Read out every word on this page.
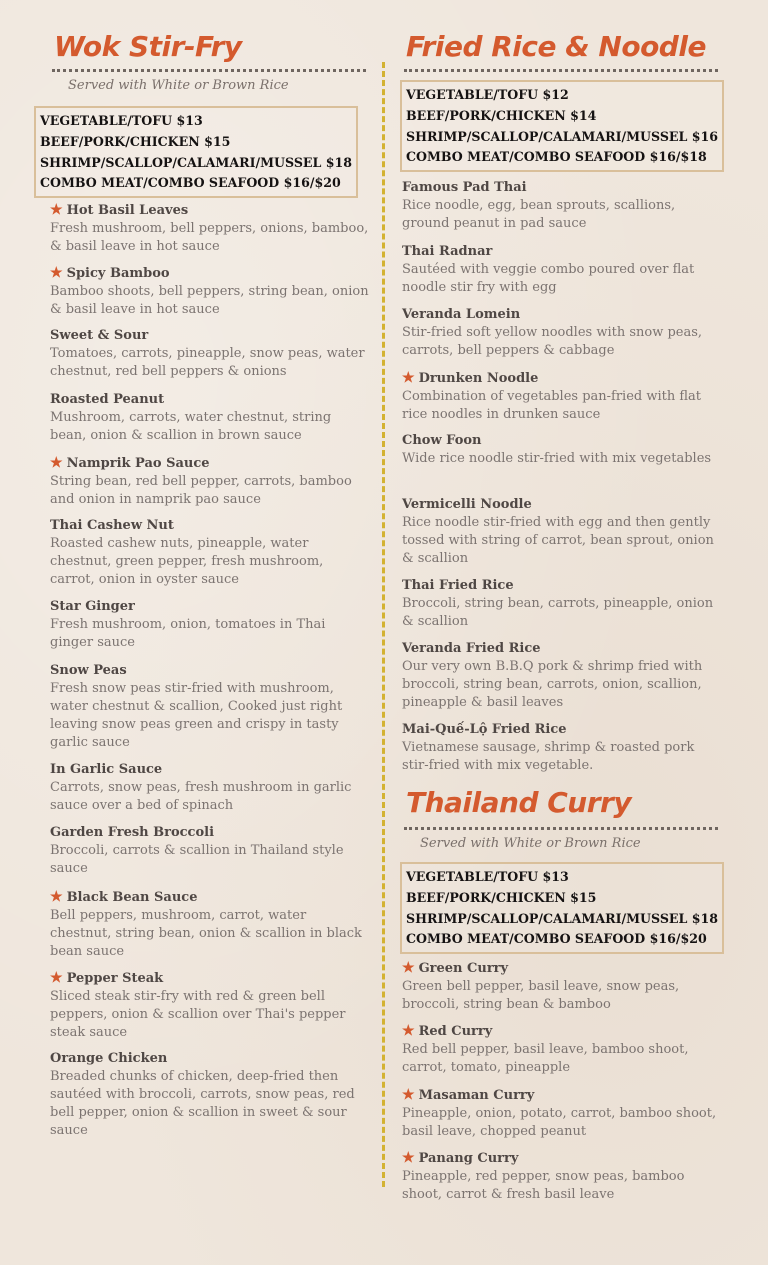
Wok Stir-Fry
Served with White or Brown Rice
VEGETABLE/TOFU $13
BEEF/PORK/CHICKEN $15
SHRIMP/SCALLOP/CALAMARI/MUSSEL $18
COMBO MEAT/COMBO SEAFOOD $16/$20
★ Hot Basil Leaves
Fresh mushroom, bell peppers, onions, bamboo, & basil leave in hot sauce
★ Spicy Bamboo
Bamboo shoots, bell peppers, string bean, onion & basil leave in hot sauce
Sweet & Sour
Tomatoes, carrots, pineapple, snow peas, water chestnut, red bell peppers & onions
Roasted Peanut
Mushroom, carrots, water chestnut, string bean, onion & scallion in brown sauce
★ Namprik Pao Sauce
String bean, red bell pepper, carrots, bamboo and onion in namprik pao sauce
Thai Cashew Nut
Roasted cashew nuts, pineapple, water chestnut, green pepper, fresh mushroom, carrot, onion in oyster sauce
Star Ginger
Fresh mushroom, onion, tomatoes in Thai ginger sauce
Snow Peas
Fresh snow peas stir-fried with mushroom, water chestnut & scallion, Cooked just right leaving snow peas green and crispy in tasty garlic sauce
In Garlic Sauce
Carrots, snow peas, fresh mushroom in garlic sauce over a bed of spinach
Garden Fresh Broccoli
Broccoli, carrots & scallion in Thailand style sauce
★ Black Bean Sauce
Bell peppers, mushroom, carrot, water chestnut, string bean, onion & scallion in black bean sauce
★ Pepper Steak
Sliced steak stir-fry with red & green bell peppers, onion & scallion over Thai's pepper steak sauce
Orange Chicken
Breaded chunks of chicken, deep-fried then sautéed with broccoli, carrots, snow peas, red bell pepper, onion & scallion in sweet & sour sauce
Fried Rice & Noodle
VEGETABLE/TOFU $12
BEEF/PORK/CHICKEN $14
SHRIMP/SCALLOP/CALAMARI/MUSSEL $16
COMBO MEAT/COMBO SEAFOOD $16/$18
Famous Pad Thai
Rice noodle, egg, bean sprouts, scallions, ground peanut in pad sauce
Thai Radnar
Sautéed with veggie combo poured over flat noodle stir fry with egg
Veranda Lomein
Stir-fried soft yellow noodles with snow peas, carrots, bell peppers & cabbage
★ Drunken Noodle
Combination of vegetables pan-fried with flat rice noodles in drunken sauce
Chow Foon
Wide rice noodle stir-fried with mix vegetables
Vermicelli Noodle
Rice noodle stir-fried with egg and then gently tossed with string of carrot, bean sprout, onion & scallion
Thai Fried Rice
Broccoli, string bean, carrots, pineapple, onion & scallion
Veranda Fried Rice
Our very own B.B.Q pork & shrimp fried with broccoli, string bean, carrots, onion, scallion, pineapple & basil leaves
Mai-Quế-Lộ Fried Rice
Vietnamese sausage, shrimp & roasted pork stir-fried with mix vegetable.
Thailand Curry
Served with White or Brown Rice
VEGETABLE/TOFU $13
BEEF/PORK/CHICKEN $15
SHRIMP/SCALLOP/CALAMARI/MUSSEL $18
COMBO MEAT/COMBO SEAFOOD $16/$20
★ Green Curry
Green bell pepper, basil leave, snow peas, broccoli, string bean & bamboo
★ Red Curry
Red bell pepper, basil leave, bamboo shoot, carrot, tomato, pineapple
★ Masaman Curry
Pineapple, onion, potato, carrot, bamboo shoot, basil leave, chopped peanut
★ Panang Curry
Pineapple, red pepper, snow peas, bamboo shoot, carrot & fresh basil leave
